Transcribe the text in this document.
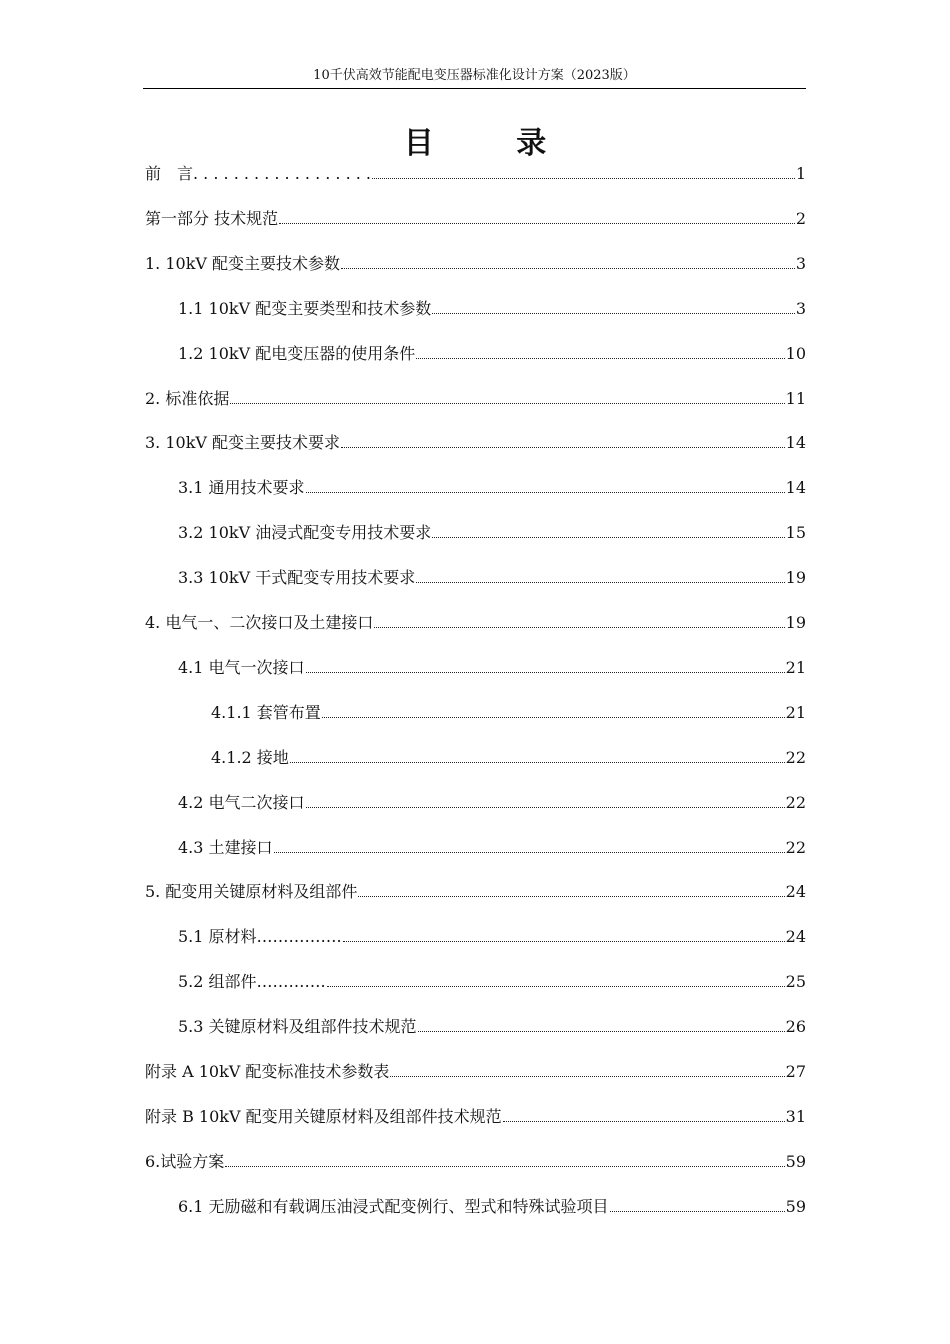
10千伏高效节能配电变压器标准化设计方案（2023版）
目 录
前　言. . . . . . . . . . . . . . . . . .	1
第一部分 技术规范	2
1. 10kV 配变主要技术参数	3
1.1 10kV 配变主要类型和技术参数	3
1.2 10kV 配电变压器的使用条件	10
2. 标准依据	11
3. 10kV 配变主要技术要求	14
3.1 通用技术要求	14
3.2 10kV 油浸式配变专用技术要求	15
3.3 10kV 干式配变专用技术要求	19
4. 电气一、二次接口及土建接口	19
4.1 电气一次接口	21
4.1.1 套管布置	21
4.1.2 接地	22
4.2 电气二次接口	22
4.3 土建接口	22
5. 配变用关键原材料及组部件	24
5.1 原材料…………….	24
5.2 组部件………….	25
5.3 关键原材料及组部件技术规范	26
附录 A 10kV 配变标准技术参数表	27
附录 B 10kV 配变用关键原材料及组部件技术规范	31
6.试验方案	59
6.1 无励磁和有载调压油浸式配变例行、型式和特殊试验项目	59
